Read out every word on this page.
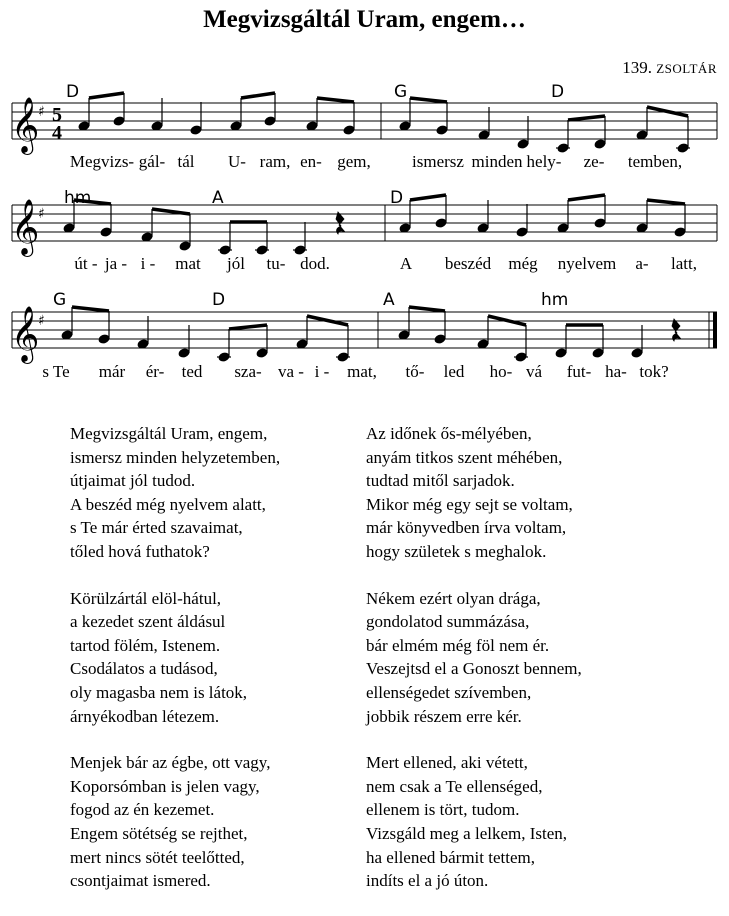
Megvizsgáltál Uram, engem…
139. ZSOLTÁR
𝄞
♯ 5
4
D	G	D
Megvizs- gál- tál U- ram, en- gem, ismersz minden hely- ze- temben,
𝄞
♯
hm	A	D
út - ja - i - mat jól tu- dod.	A beszéd még nyelvem a- latt,
𝄞
♯
G	D	A	hm
s Te már ér- ted sza- va - i - mat, tő- led ho- vá fut- ha- tok?
Megvizsgáltál Uram, engem,
ismersz minden helyzetemben,
útjaimat jól tudod.
A beszéd még nyelvem alatt,
s Te már érted szavaimat,
tőled hová futhatok?
Az időnek ős-mélyében,
anyám titkos szent méhében,
tudtad mitől sarjadok.
Mikor még egy sejt se voltam,
már könyvedben írva voltam,
hogy születek s meghalok.
Körülzártál elöl-hátul,
a kezedet szent áldásul
tartod fölém, Istenem.
Csodálatos a tudásod,
oly magasba nem is látok,
árnyékodban létezem.
Nékem ezért olyan drága,
gondolatod summázása,
bár elmém még föl nem ér.
Veszejtsd el a Gonoszt bennem,
ellenségedet szívemben,
jobbik részem erre kér.
Menjek bár az égbe, ott vagy,
Koporsómban is jelen vagy,
fogod az én kezemet.
Engem sötétség se rejthet,
mert nincs sötét teelőtted,
csontjaimat ismered.
Mert ellened, aki vétett,
nem csak a Te ellenséged,
ellenem is tört, tudom.
Vizsgáld meg a lelkem, Isten,
ha ellened bármit tettem,
indíts el a jó úton.
